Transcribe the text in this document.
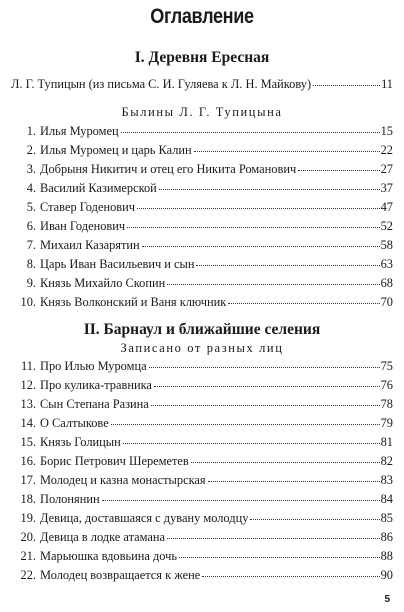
Оглавление
I. Деревня Ересная
Л. Г. Тупицын (из письма С. И. Гуляева к Л. Н. Майкову)	11
Былины Л. Г. Тупицына
1. Илья Муромец	15
2. Илья Муромец и царь Калин	22
3. Добрыня Никитич и отец его Никита Романович	27
4. Василий Казимерской	37
5. Ставер Годенович	47
6. Иван Годенович	52
7. Михаил Казарятин	58
8. Царь Иван Васильевич и сын	63
9. Князь Михайло Скопин	68
10. Князь Волконский и Ваня ключник	70
II. Барнаул и ближайшие селения
Записано от разных лиц
11. Про Илью Муромца	75
12. Про кулика-травника	76
13. Сын Степана Разина	78
14. О Салтыкове	79
15. Князь Голицын	81
16. Борис Петрович Шереметев	82
17. Молодец и казна монастырская	83
18. Полонянин	84
19. Девица, доставшаяся с дувану молодцу	85
20. Девица в лодке атамана	86
21. Марьюшка вдовьина дочь	88
22. Молодец возвращается к жене	90
5
